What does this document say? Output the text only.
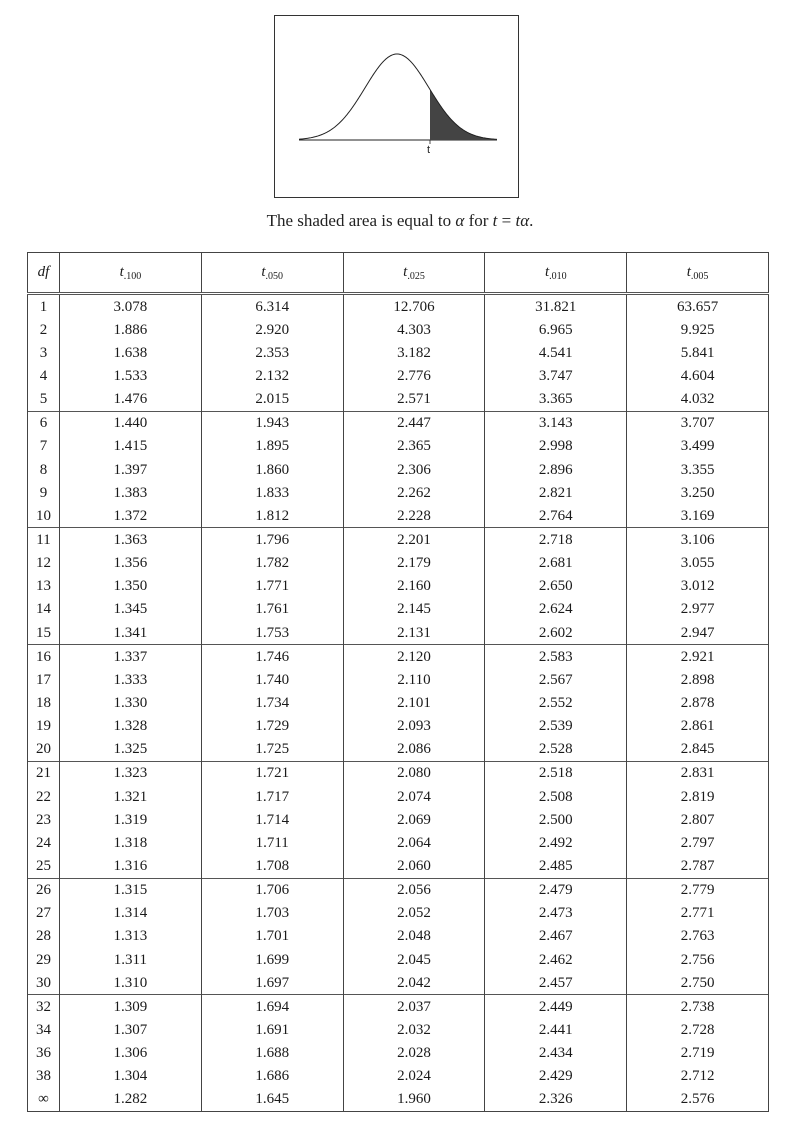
t
The shaded area is equal to α for t = tα.
df	$t_{.100}$	$t_{.050}$	$t_{.025}$	$t_{.010}$	$t_{.005}$
1	3.078	6.314	12.706	31.821	63.657
2	1.886	2.920	4.303	6.965	9.925
3	1.638	2.353	3.182	4.541	5.841
4	1.533	2.132	2.776	3.747	4.604
5	1.476	2.015	2.571	3.365	4.032
6	1.440	1.943	2.447	3.143	3.707
7	1.415	1.895	2.365	2.998	3.499
8	1.397	1.860	2.306	2.896	3.355
9	1.383	1.833	2.262	2.821	3.250
10	1.372	1.812	2.228	2.764	3.169
11	1.363	1.796	2.201	2.718	3.106
12	1.356	1.782	2.179	2.681	3.055
13	1.350	1.771	2.160	2.650	3.012
14	1.345	1.761	2.145	2.624	2.977
15	1.341	1.753	2.131	2.602	2.947
16	1.337	1.746	2.120	2.583	2.921
17	1.333	1.740	2.110	2.567	2.898
18	1.330	1.734	2.101	2.552	2.878
19	1.328	1.729	2.093	2.539	2.861
20	1.325	1.725	2.086	2.528	2.845
21	1.323	1.721	2.080	2.518	2.831
22	1.321	1.717	2.074	2.508	2.819
23	1.319	1.714	2.069	2.500	2.807
24	1.318	1.711	2.064	2.492	2.797
25	1.316	1.708	2.060	2.485	2.787
26	1.315	1.706	2.056	2.479	2.779
27	1.314	1.703	2.052	2.473	2.771
28	1.313	1.701	2.048	2.467	2.763
29	1.311	1.699	2.045	2.462	2.756
30	1.310	1.697	2.042	2.457	2.750
32	1.309	1.694	2.037	2.449	2.738
34	1.307	1.691	2.032	2.441	2.728
36	1.306	1.688	2.028	2.434	2.719
38	1.304	1.686	2.024	2.429	2.712
∞	1.282	1.645	1.960	2.326	2.576
